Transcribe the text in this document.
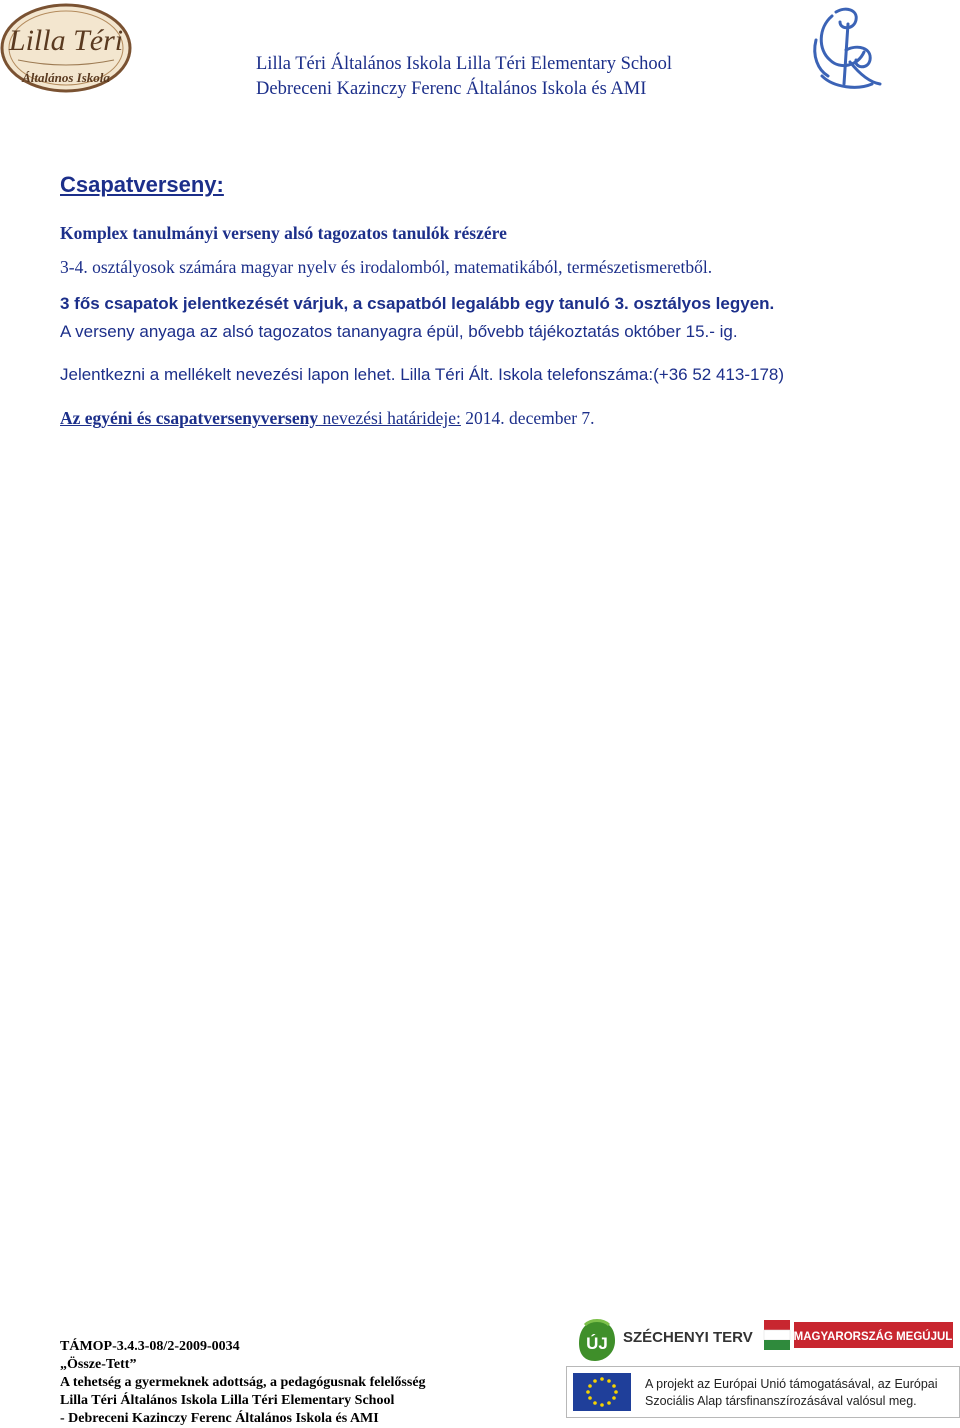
Lilla Téri
Általános Iskola
Lilla Téri Általános Iskola Lilla Téri Elementary School
Debreceni Kazinczy Ferenc Általános Iskola és AMI
Csapatverseny:
Komplex tanulmányi verseny alsó tagozatos tanulók részére
3-4. osztályosok számára magyar nyelv és irodalomból, matematikából, természetismeretből.
3 fős csapatok jelentkezését várjuk, a csapatból legalább egy tanuló 3. osztályos legyen.
A verseny anyaga az alsó tagozatos tananyagra épül, bővebb tájékoztatás október 15.- ig.
Jelentkezni a mellékelt nevezési lapon lehet. Lilla Téri Ált. Iskola telefonszáma:(+36 52 413-178)
Az egyéni és csapatversenyverseny nevezési határideje: 2014. december 7.
TÁMOP-3.4.3-08/2-2009-0034
„Össze-Tett”
A tehetség a gyermeknek adottság, a pedagógusnak felelősség
Lilla Téri Általános Iskola Lilla Téri Elementary School
- Debreceni Kazinczy Ferenc Általános Iskola és AMI
ÚJ SZÉCHENYI TERV	MAGYARORSZÁG MEGÚJUL
A projekt az Európai Unió támogatásával, az Európai
Szociális Alap társfinanszírozásával valósul meg.
